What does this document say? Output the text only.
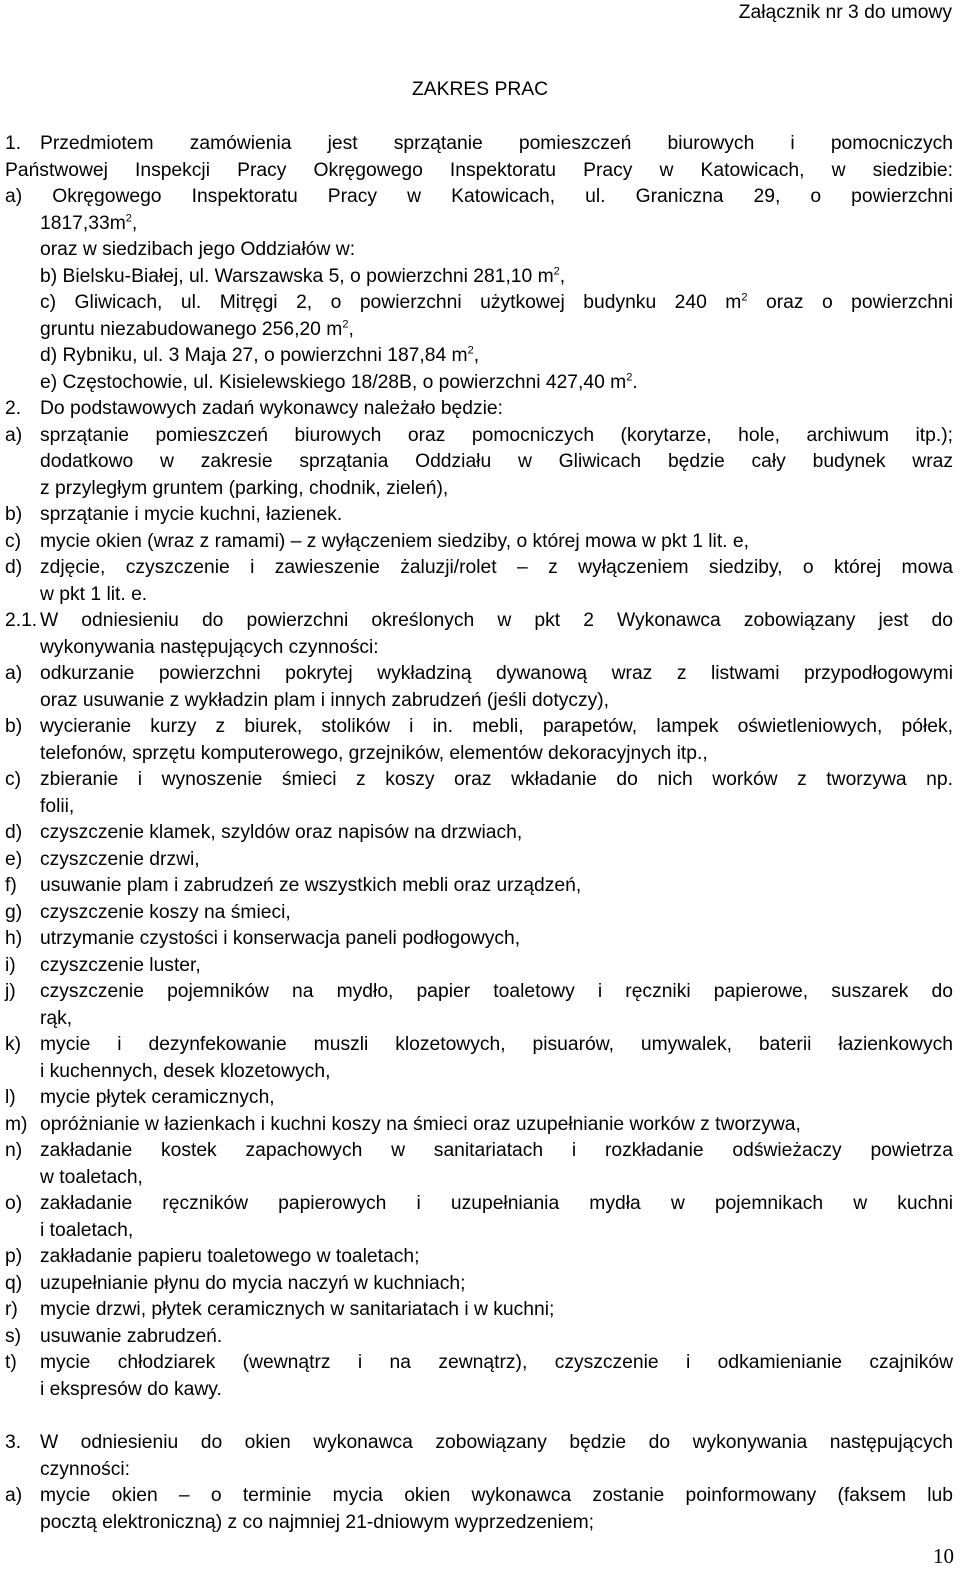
Załącznik nr 3 do umowy
ZAKRES PRAC
1. Przedmiotem zamówienia jest sprzątanie pomieszczeń biurowych i pomocniczych
Państwowej Inspekcji Pracy Okręgowego Inspektoratu Pracy w Katowicach, w siedzibie:
a) Okręgowego Inspektoratu Pracy w Katowicach, ul. Graniczna 29, o powierzchni
$1817,33m^2$,
oraz w siedzibach jego Oddziałów w:
b) Bielsku-Białej, ul. Warszawska 5, o powierzchni 281,10 $m^2$,
c) Gliwicach, ul. Mitręgi 2, o powierzchni użytkowej budynku 240 $m^2$ oraz o powierzchni
gruntu niezabudowanego 256,20 $m^2$,
d) Rybniku, ul. 3 Maja 27, o powierzchni 187,84 $m^2$,
e) Częstochowie, ul. Kisielewskiego 18/28B, o powierzchni 427,40 $m^2$.
2. Do podstawowych zadań wykonawcy należało będzie:
a) sprzątanie pomieszczeń biurowych oraz pomocniczych (korytarze, hole, archiwum itp.);
dodatkowo w zakresie sprzątania Oddziału w Gliwicach będzie cały budynek wraz
z przyległym gruntem (parking, chodnik, zieleń),
b) sprzątanie i mycie kuchni, łazienek.
c) mycie okien (wraz z ramami) – z wyłączeniem siedziby, o której mowa w pkt 1 lit. e,
d) zdjęcie, czyszczenie i zawieszenie żaluzji/rolet – z wyłączeniem siedziby, o której mowa
w pkt 1 lit. e.
2.1. W odniesieniu do powierzchni określonych w pkt 2 Wykonawca zobowiązany jest do
wykonywania następujących czynności:
a) odkurzanie powierzchni pokrytej wykładziną dywanową wraz z listwami przypodłogowymi
oraz usuwanie z wykładzin plam i innych zabrudzeń (jeśli dotyczy),
b) wycieranie kurzy z biurek, stolików i in. mebli, parapetów, lampek oświetleniowych, półek,
telefonów, sprzętu komputerowego, grzejników, elementów dekoracyjnych itp.,
c) zbieranie i wynoszenie śmieci z koszy oraz wkładanie do nich worków z tworzywa np.
folii,
d) czyszczenie klamek, szyldów oraz napisów na drzwiach,
e) czyszczenie drzwi,
f)	usuwanie plam i zabrudzeń ze wszystkich mebli oraz urządzeń,
g) czyszczenie koszy na śmieci,
h) utrzymanie czystości i konserwacja paneli podłogowych,
i)	czyszczenie luster,
j)	czyszczenie pojemników na mydło, papier toaletowy i ręczniki papierowe, suszarek do
rąk,
k) mycie i dezynfekowanie muszli klozetowych, pisuarów, umywalek, baterii łazienkowych
i kuchennych, desek klozetowych,
l)	mycie płytek ceramicznych,
m) opróżnianie w łazienkach i kuchni koszy na śmieci oraz uzupełnianie worków z tworzywa,
n) zakładanie kostek zapachowych w sanitariatach i rozkładanie odświeżaczy powietrza
w toaletach,
o) zakładanie ręczników papierowych i uzupełniania mydła w pojemnikach w kuchni
i toaletach,
p) zakładanie papieru toaletowego w toaletach;
q) uzupełnianie płynu do mycia naczyń w kuchniach;
r)	mycie drzwi, płytek ceramicznych w sanitariatach i w kuchni;
s) usuwanie zabrudzeń.
t)	mycie chłodziarek (wewnątrz i na zewnątrz), czyszczenie i odkamienianie czajników
i ekspresów do kawy.
3. W odniesieniu do okien wykonawca zobowiązany będzie do wykonywania następujących
czynności:
a) mycie okien – o terminie mycia okien wykonawca zostanie poinformowany (faksem lub
pocztą elektroniczną) z co najmniej 21-dniowym wyprzedzeniem;
10
